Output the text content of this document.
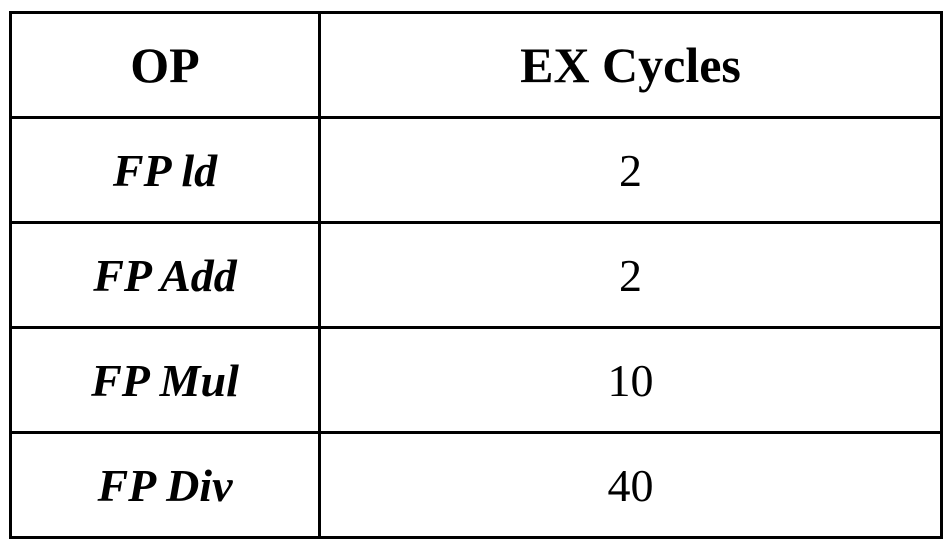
OP	EX Cycles
FP ld	2
FP Add	2
FP Mul	10
FP Div	40
